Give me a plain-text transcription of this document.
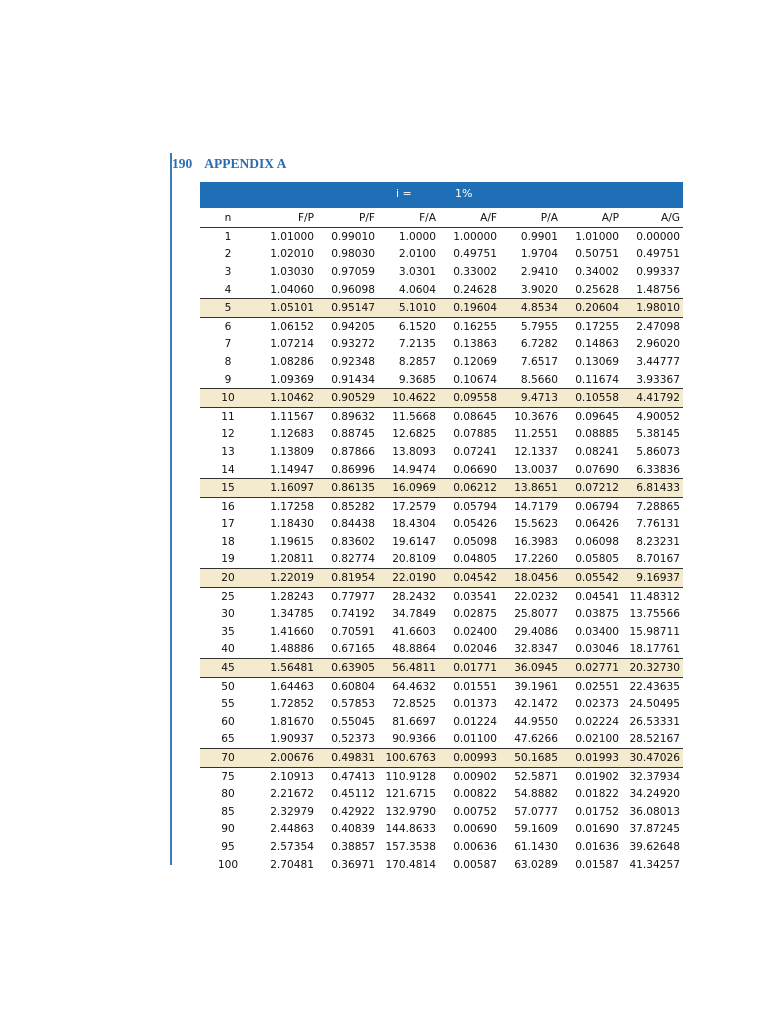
190 APPENDIX A
i = 1%							

n	F/P	P/F	F/A	A/F	P/A	A/P	A/G
1	1.01000	0.99010	1.0000	1.00000	0.9901	1.01000	0.00000
2	1.02010	0.98030	2.0100	0.49751	1.9704	0.50751	0.49751
3	1.03030	0.97059	3.0301	0.33002	2.9410	0.34002	0.99337
4	1.04060	0.96098	4.0604	0.24628	3.9020	0.25628	1.48756
5	1.05101	0.95147	5.1010	0.19604	4.8534	0.20604	1.98010
6	1.06152	0.94205	6.1520	0.16255	5.7955	0.17255	2.47098
7	1.07214	0.93272	7.2135	0.13863	6.7282	0.14863	2.96020
8	1.08286	0.92348	8.2857	0.12069	7.6517	0.13069	3.44777
9	1.09369	0.91434	9.3685	0.10674	8.5660	0.11674	3.93367
10	1.10462	0.90529	10.4622	0.09558	9.4713	0.10558	4.41792
11	1.11567	0.89632	11.5668	0.08645	10.3676	0.09645	4.90052
12	1.12683	0.88745	12.6825	0.07885	11.2551	0.08885	5.38145
13	1.13809	0.87866	13.8093	0.07241	12.1337	0.08241	5.86073
14	1.14947	0.86996	14.9474	0.06690	13.0037	0.07690	6.33836
15	1.16097	0.86135	16.0969	0.06212	13.8651	0.07212	6.81433
16	1.17258	0.85282	17.2579	0.05794	14.7179	0.06794	7.28865
17	1.18430	0.84438	18.4304	0.05426	15.5623	0.06426	7.76131
18	1.19615	0.83602	19.6147	0.05098	16.3983	0.06098	8.23231
19	1.20811	0.82774	20.8109	0.04805	17.2260	0.05805	8.70167
20	1.22019	0.81954	22.0190	0.04542	18.0456	0.05542	9.16937
25	1.28243	0.77977	28.2432	0.03541	22.0232	0.04541	11.48312
30	1.34785	0.74192	34.7849	0.02875	25.8077	0.03875	13.75566
35	1.41660	0.70591	41.6603	0.02400	29.4086	0.03400	15.98711
40	1.48886	0.67165	48.8864	0.02046	32.8347	0.03046	18.17761
45	1.56481	0.63905	56.4811	0.01771	36.0945	0.02771	20.32730
50	1.64463	0.60804	64.4632	0.01551	39.1961	0.02551	22.43635
55	1.72852	0.57853	72.8525	0.01373	42.1472	0.02373	24.50495
60	1.81670	0.55045	81.6697	0.01224	44.9550	0.02224	26.53331
65	1.90937	0.52373	90.9366	0.01100	47.6266	0.02100	28.52167
70	2.00676	0.49831	100.6763	0.00993	50.1685	0.01993	30.47026
75	2.10913	0.47413	110.9128	0.00902	52.5871	0.01902	32.37934
80	2.21672	0.45112	121.6715	0.00822	54.8882	0.01822	34.24920
85	2.32979	0.42922	132.9790	0.00752	57.0777	0.01752	36.08013
90	2.44863	0.40839	144.8633	0.00690	59.1609	0.01690	37.87245
95	2.57354	0.38857	157.3538	0.00636	61.1430	0.01636	39.62648
100	2.70481	0.36971	170.4814	0.00587	63.0289	0.01587	41.34257
